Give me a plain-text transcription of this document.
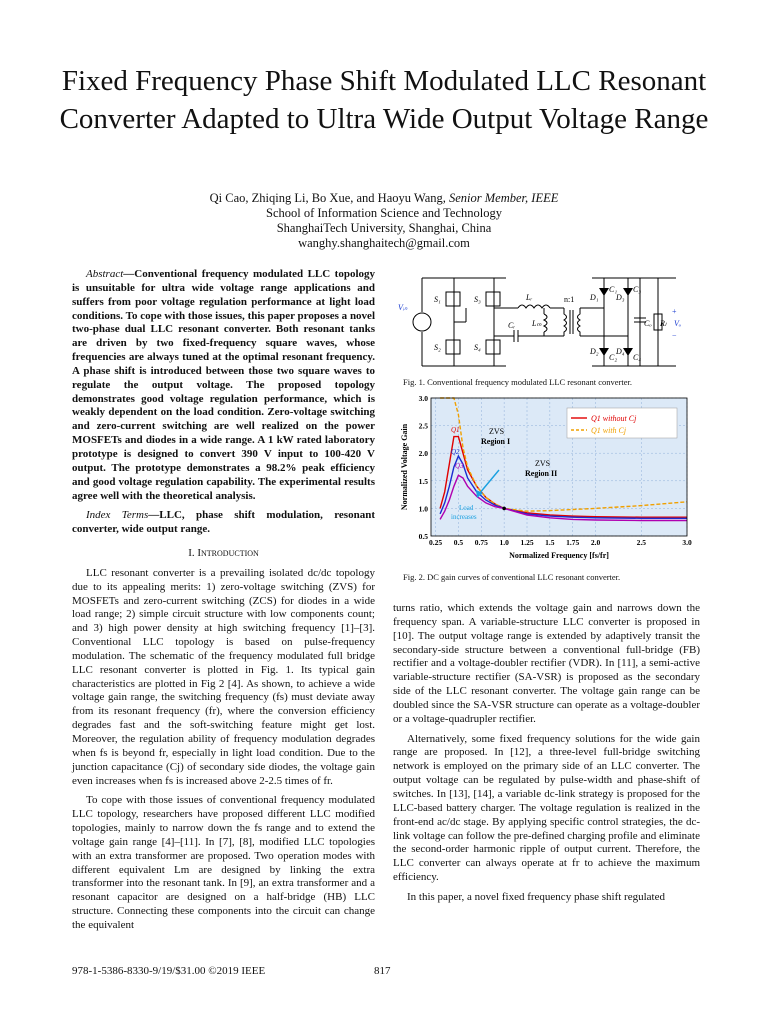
Fixed Frequency Phase Shift Modulated LLC Resonant Converter Adapted to Ultra Wide Output Voltage Range
Qi Cao, Zhiqing Li, Bo Xue, and Haoyu Wang, Senior Member, IEEE
School of Information Science and Technology
ShanghaiTech University, Shanghai, China
wanghy.shanghaitech@gmail.com

Abstract—Conventional frequency modulated LLC topology is unsuitable for ultra wide voltage range applications and suffers from poor voltage regulation performance at light load conditions. To cope with those issues, this paper proposes a novel two-phase dual LLC resonant converter. Both resonant tanks are driven by two fixed-frequency square waves, whose frequencies are always tuned at the optimal resonant frequency. A phase shift is introduced between those two square waves to regulate the output voltage. The proposed topology demonstrates good voltage regulation performance, which is weakly dependent on the load condition. Zero-voltage switching and zero-current switching are well realized on the power MOSFETs and diodes in a wide range. A 1 kW rated laboratory prototype is designed to convert 390 V input to 100-420 V output. The prototype demonstrates a 98.2% peak efficiency and good voltage regulation capability. The experimental results agree well with the theoretical analysis.

Index Terms—LLC, phase shift modulation, resonant converter, wide output range.

I. Introduction

LLC resonant converter is a prevailing isolated dc/dc topology due to its appealing merits: 1) zero-voltage switching (ZVS) for MOSFETs and zero-current switching (ZCS) for diodes in a wide load range; 2) simple circuit structure with low components count; and 3) high power density at high switching frequency [1]–[3]. Conventional LLC topology is based on pulse-frequency modulation. The schematic of the frequency modulated full bridge LLC resonant converter is plotted in Fig. 1. Its typical gain characteristics are plotted in Fig 2 [4]. As shown, to achieve a wide voltage gain range, the switching frequency (fs) must deviate away from its resonant frequency (fr), where the conversion efficiency degrades fast and the soft-switching feature might get lost. Moreover, the regulation ability of frequency modulation degrades when fs is beyond fr, especially in light load condition. Due to the junction capacitance (Cj) of secondary side diodes, the voltage gain even increases when fs is increased above 2-2.5 times of fr.

To cope with those issues of conventional frequency modulated LLC topology, researchers have proposed different LLC modified topologies, mainly to narrow down the fs range and to extend the voltage gain range [4]–[11]. In [7], [8], modified LLC topologies with an extra transformer are proposed. Two operation modes with different equivalent Lm are designed by linking the extra transformer into the resonant tank. In [9], an extra transformer and a resonant capacitor are designed on a half-bridge (HB) LLC structure. Connecting these components into the circuit can change the equivalent

S₁	S₃
S₂	S₄
Lᵣ
Cᵣ Lₘ
n:1 D₁ D₃
D₂ D₄
C₁
C₂
C₃
C₄
Cₒ Rₗ
Vᵢₙ	+
Vₒ
−
Fig. 1. Conventional frequency modulated LLC resonant converter.
0.25 0.5 0.75 1.0 1.25 1.5 1.75 2.0	2.5	3.0
0.5
1.0
1.5
2.0
2.5
3.0
Normalized Voltage Gain
Normalized Frequency [fs/fr]
Q1 without Cj
Q1 with Cj
ZVS
Region I
ZVS
Region II
Q1
Q2
Q3
Load
increases
Fig. 2. DC gain curves of conventional LLC resonant converter.

turns ratio, which extends the voltage gain and narrows down the frequency span. A variable-structure LLC converter is proposed in [10]. The output voltage range is extended by adaptively transit the secondary-side structure between a conventional full-bridge (FB) rectifier and a voltage-doubler rectifier (VDR). In [11], a semi-active variable-structure rectifier (SA-VSR) is proposed as the secondary side of the LLC resonant converter. The voltage gain range can be doubled since the SA-VSR structure can operate as a voltage-doubler or a voltage-quadrupler rectifier.

Alternatively, some fixed frequency solutions for the wide gain range are proposed. In [12], a three-level full-bridge switching network is employed on the primary side of an LLC converter. The output voltage can be regulated by pulse-width and phase-shift of switches. In [13], [14], a variable dc-link strategy is proposed for the LLC-based battery charger. The voltage regulation is realized in the front-end ac/dc stage. By applying specific control strategies, the dc-link voltage can follow the pre-defined charging profile and eliminate the second-order harmonic ripple of output current. Therefore, the LLC converter can always operate at fr to achieve the maximum efficiency.

In this paper, a novel fixed frequency phase shift regulated

978-1-5386-8330-9/19/$31.00 ©2019 IEEE	817
